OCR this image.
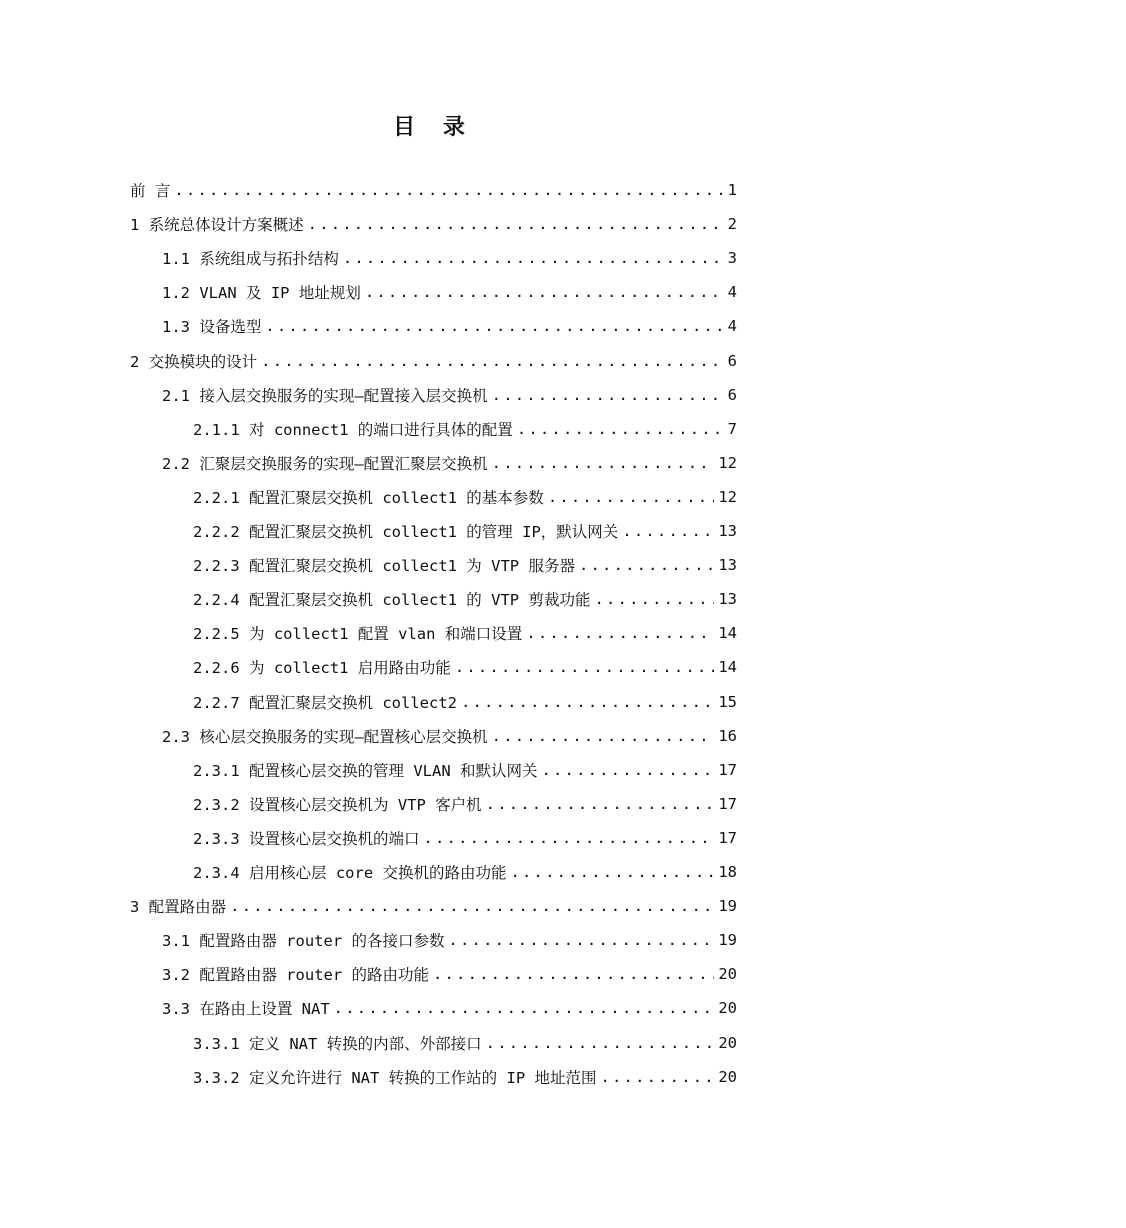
目 录
前 言 .....	1
1 系统总体设计方案概述 .....	2
1.1 系统组成与拓扑结构 .....	3
1.2 VLAN 及 IP 地址规划 .....	4
1.3 设备选型 .....	4
2 交换模块的设计 .....	6
2.1 接入层交换服务的实现—配置接入层交换机 .....	6
2.1.1 对 connect1 的端口进行具体的配置 .....	7
2.2 汇聚层交换服务的实现—配置汇聚层交换机 .....	12
2.2.1 配置汇聚层交换机 collect1 的基本参数 .....	12
2.2.2 配置汇聚层交换机 collect1 的管理 IP，默认网关 .....	13
2.2.3 配置汇聚层交换机 collect1 为 VTP 服务器 .....	13
2.2.4 配置汇聚层交换机 collect1 的 VTP 剪裁功能 .....	13
2.2.5 为 collect1 配置 vlan 和端口设置 .....	14
2.2.6 为 collect1 启用路由功能 .....	14
2.2.7 配置汇聚层交换机 collect2 .....	15
2.3 核心层交换服务的实现—配置核心层交换机 .....	16
2.3.1 配置核心层交换的管理 VLAN 和默认网关 .....	17
2.3.2 设置核心层交换机为 VTP 客户机 .....	17
2.3.3 设置核心层交换机的端口 .....	17
2.3.4 启用核心层 core 交换机的路由功能 .....	18
3 配置路由器 .....	19
3.1 配置路由器 router 的各接口参数 .....	19
3.2 配置路由器 router 的路由功能 .....	20
3.3 在路由上设置 NAT .....	20
3.3.1 定义 NAT 转换的内部、外部接口 .....	20
3.3.2 定义允许进行 NAT 转换的工作站的 IP 地址范围 .....	20
